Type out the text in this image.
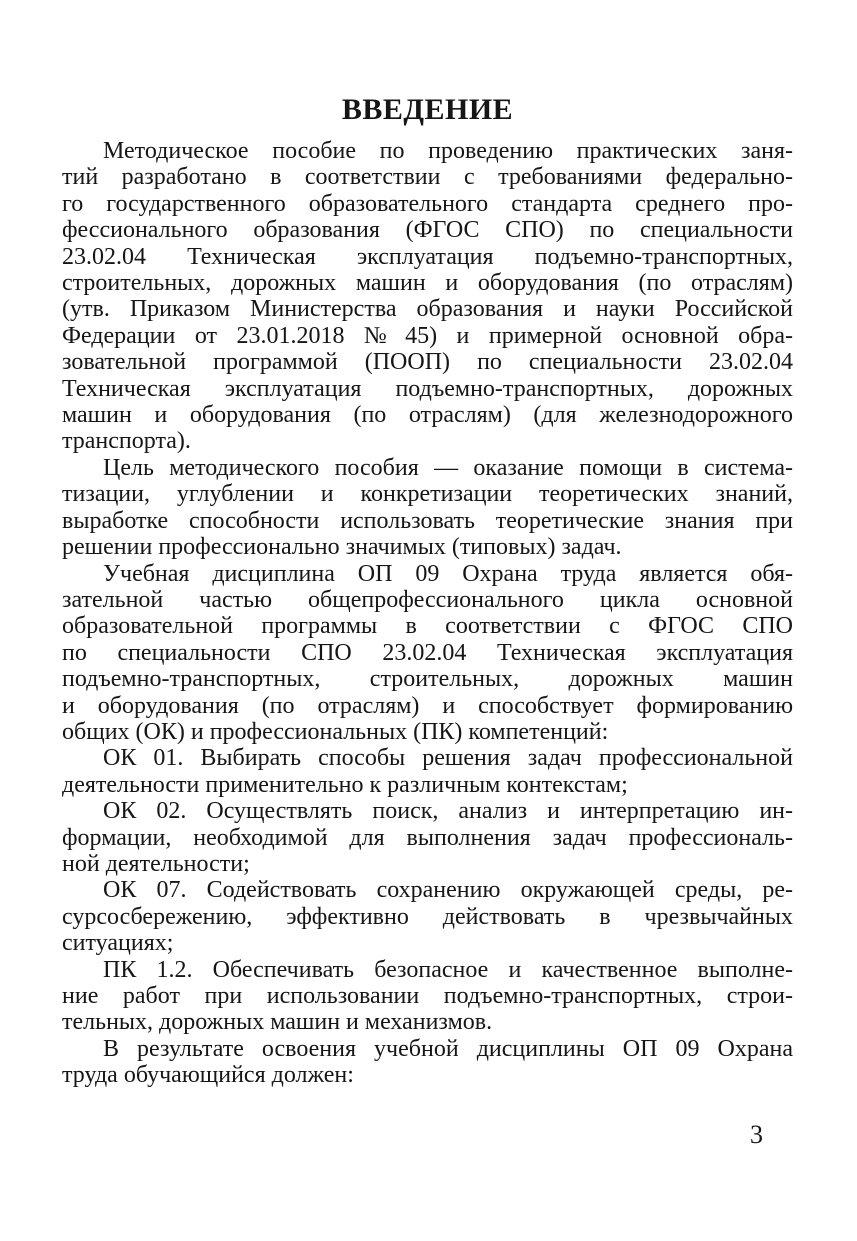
ВВЕДЕНИЕ
Методическое пособие по проведению практических заня-
тий разработано в соответствии с требованиями федерально-
го государственного образовательного стандарта среднего про-
фессионального образования (ФГОС СПО) по специальности
23.02.04 Техническая эксплуатация подъемно-транспортных,
строительных, дорожных машин и оборудования (по отраслям)
(утв. Приказом Министерства образования и науки Российской
Федерации от 23.01.2018 № 45) и примерной основной обра-
зовательной программой (ПООП) по специальности 23.02.04
Техническая эксплуатация подъемно-транспортных, дорожных
машин и оборудования (по отраслям) (для железнодорожного
транспорта).
Цель методического пособия — оказание помощи в система-
тизации, углублении и конкретизации теоретических знаний,
выработке способности использовать теоретические знания при
решении профессионально значимых (типовых) задач.
Учебная дисциплина ОП 09 Охрана труда является обя-
зательной частью общепрофессионального цикла основной
образовательной программы в соответствии с ФГОС СПО
по специальности СПО 23.02.04 Техническая эксплуатация
подъемно-транспортных, строительных, дорожных машин
и оборудования (по отраслям) и способствует формированию
общих (ОК) и профессиональных (ПК) компетенций:
ОК 01. Выбирать способы решения задач профессиональной
деятельности применительно к различным контекстам;
ОК 02. Осуществлять поиск, анализ и интерпретацию ин-
формации, необходимой для выполнения задач профессиональ-
ной деятельности;
ОК 07. Содействовать сохранению окружающей среды, ре-
сурсосбережению, эффективно действовать в чрезвычайных
ситуациях;
ПК 1.2. Обеспечивать безопасное и качественное выполне-
ние работ при использовании подъемно-транспортных, строи-
тельных, дорожных машин и механизмов.
В результате освоения учебной дисциплины ОП 09 Охрана
труда обучающийся должен:
3
